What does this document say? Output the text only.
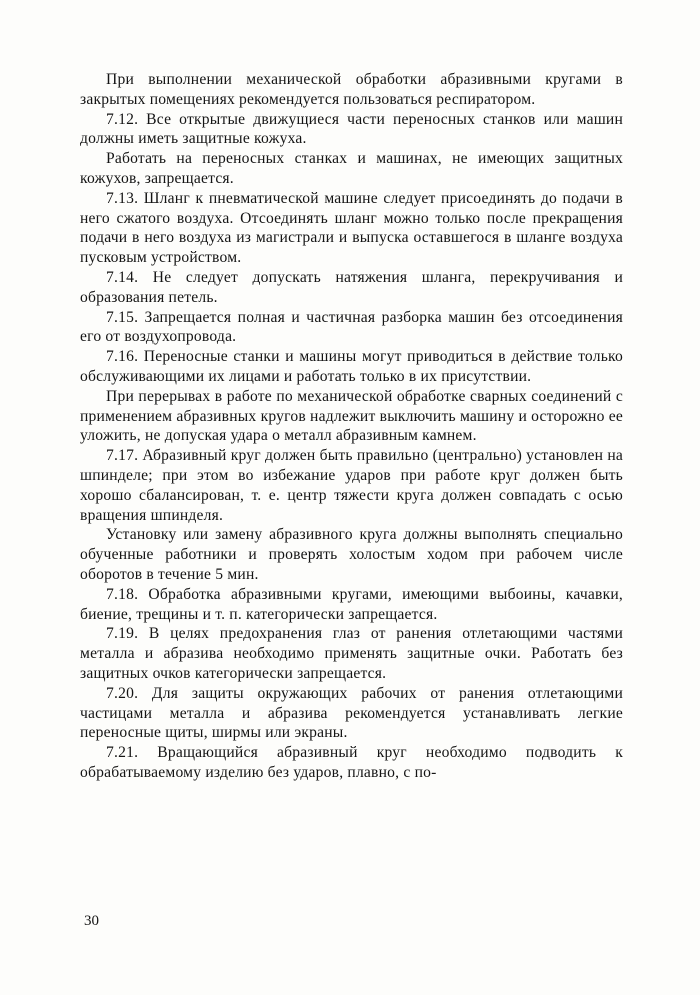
При выполнении механической обработки абразивными кругами в закрытых помещениях рекомендуется пользоваться респиратором.

7.12. Все открытые движущиеся части переносных станков или машин должны иметь защитные кожуха.

Работать на переносных станках и машинах, не имеющих защитных кожухов, запрещается.

7.13. Шланг к пневматической машине следует присоединять до подачи в него сжатого воздуха. Отсоединять шланг можно только после прекращения подачи в него воздуха из магистрали и выпуска оставшегося в шланге воздуха пусковым устройством.

7.14. Не следует допускать натяжения шланга, перекручивания и образования петель.

7.15. Запрещается полная и частичная разборка машин без отсоединения его от воздухопровода.

7.16. Переносные станки и машины могут приводиться в действие только обслуживающими их лицами и работать только в их присутствии.

При перерывах в работе по механической обработке сварных соединений с применением абразивных кругов надлежит выключить машину и осторожно ее уложить, не допуская удара о металл абразивным камнем.

7.17. Абразивный круг должен быть правильно (центрально) установлен на шпинделе; при этом во избежание ударов при работе круг должен быть хорошо сбалансирован, т. е. центр тяжести круга должен совпадать с осью вращения шпинделя.

Установку или замену абразивного круга должны выполнять специально обученные работники и проверять холостым ходом при рабочем числе оборотов в течение 5 мин.

7.18. Обработка абразивными кругами, имеющими выбоины, качавки, биение, трещины и т. п. категорически запрещается.

7.19. В целях предохранения глаз от ранения отлетающими частями металла и абразива необходимо применять защитные очки. Работать без защитных очков категорически запрещается.

7.20. Для защиты окружающих рабочих от ранения отлетающими частицами металла и абразива рекомендуется устанавливать легкие переносные щиты, ширмы или экраны.

7.21. Вращающийся абразивный круг необходимо подводить к обрабатываемому изделию без ударов, плавно, с по-

30
